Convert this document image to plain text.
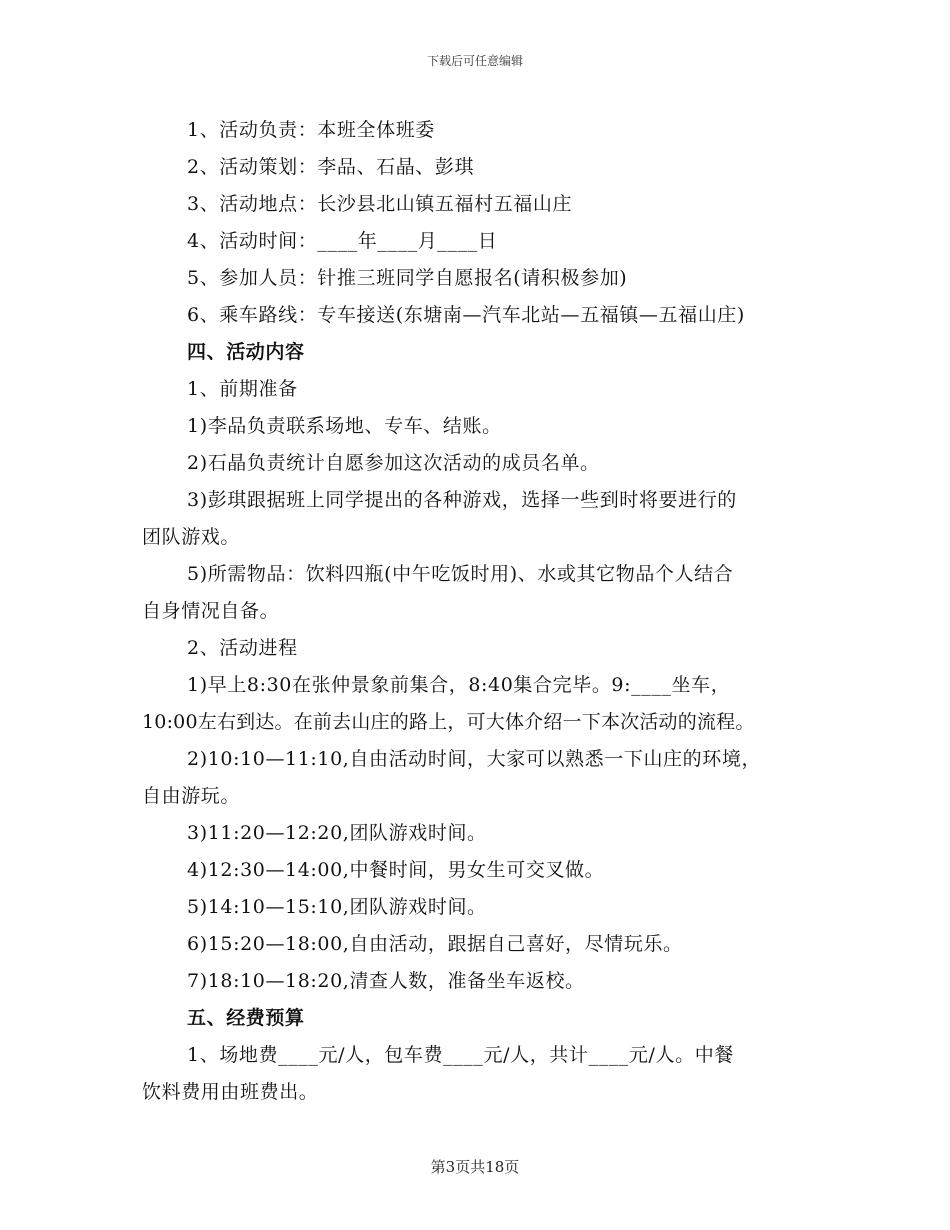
下载后可任意编辑
1、活动负责：本班全体班委
2、活动策划：李品、石晶、彭琪
3、活动地点：长沙县北山镇五福村五福山庄
4、活动时间：____年____月____日
5、参加人员：针推三班同学自愿报名(请积极参加)
6、乘车路线：专车接送(东塘南—汽车北站—五福镇—五福山庄)
四、活动内容
1、前期准备
1)李品负责联系场地、专车、结账。
2)石晶负责统计自愿参加这次活动的成员名单。
3)彭琪跟据班上同学提出的各种游戏，选择一些到时将要进行的
团队游戏。
5)所需物品：饮料四瓶(中午吃饭时用)、水或其它物品个人结合
自身情况自备。
2、活动进程
1)早上8:30在张仲景象前集合，8:40集合完毕。9:____坐车，
10:00左右到达。在前去山庄的路上，可大体介绍一下本次活动的流程。
2)10:10—11:10,自由活动时间，大家可以熟悉一下山庄的环境，
自由游玩。
3)11:20—12:20,团队游戏时间。
4)12:30—14:00,中餐时间，男女生可交叉做。
5)14:10—15:10,团队游戏时间。
6)15:20—18:00,自由活动，跟据自己喜好，尽情玩乐。
7)18:10—18:20,清查人数，准备坐车返校。
五、经费预算
1、场地费____元/人，包车费____元/人，共计____元/人。中餐
饮料费用由班费出。
第3页共18页
